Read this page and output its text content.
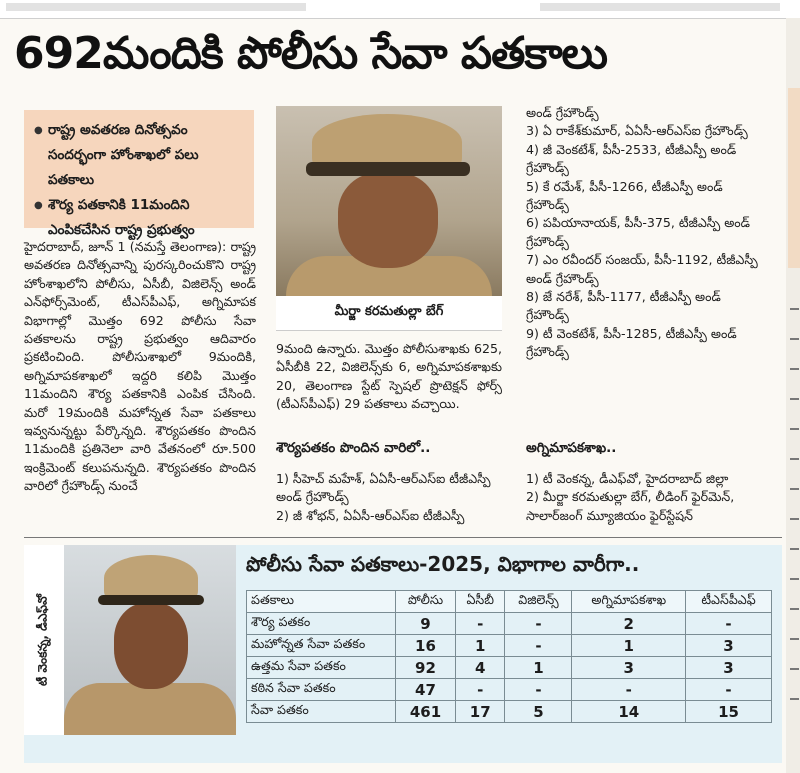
692మందికి పోలీసు సేవా పతకాలు
● రాష్ట్ర అవతరణ దినోత్సవం సందర్భంగా హోంశాఖలో పలు పతకాలు
● శౌర్య పతకానికి 11మందిని ఎంపికచేసిన రాష్ట్ర ప్రభుత్వం

హైదరాబాద్, జూన్ 1 (నమస్తే తెలంగాణ): రాష్ట్ర అవతరణ దినోత్సవాన్ని పురస్కరించుకొని రాష్ట్ర హోంశాఖలోని పోలీసు, ఏసీబీ, విజిలెన్స్ అండ్ ఎన్‌ఫోర్స్‌మెంట్, టీఎస్‌పీఎఫ్, అగ్నిమాపక విభాగాల్లో మొత్తం 692 పోలీసు సేవా పతకాలను రాష్ట్ర ప్రభుత్వం ఆదివారం ప్రకటించింది. పోలీసుశాఖలో 9మందికి, అగ్నిమాపకశాఖలో ఇద్దరి కలిపి మొత్తం 11మందిని శౌర్య పతకానికి ఎంపిక చేసింది. మరో 19మందికి మహోన్నత సేవా పతకాలు ఇవ్వనున్నట్టు పేర్కొన్నది. శౌర్యపతకం పొందిన 11మందికి ప్రతినెలా వారి వేతనంలో రూ.500 ఇంక్రిమెంట్ కలుపనున్నది. శౌర్యపతకం పొందిన వారిలో గ్రేహౌండ్స్ నుంచే

మీర్జా కరమతుల్లా బేగ్

9మంది ఉన్నారు. మొత్తం పోలీసుశాఖకు 625, ఏసీబీకి 22, విజిలెన్స్‌కు 6, అగ్నిమాపకశాఖకు 20, తెలంగాణ స్టేట్ స్పెషల్ ప్రొటెక్షన్ ఫోర్స్ (టీఎస్‌పీఎఫ్) 29 పతకాలు వచ్చాయి.

శౌర్యపతకం పొందిన వారిలో..
1) సీహెచ్ మహేశ్, ఏఏసీ-ఆర్‌ఎస్ఐ టీజీఎస్పీ అండ్ గ్రేహౌండ్స్
2) జీ శోభన్, ఏఏసీ-ఆర్‌ఎస్ఐ టీజీఎస్పీ
అండ్ గ్రేహౌండ్స్
3) ఏ రాకేశ్‌కుమార్, ఏఏసీ-ఆర్‌ఎస్ఐ గ్రేహౌండ్స్
4) జీ వెంకటేశ్, పీసీ-2533, టీజీఎస్పీ అండ్ గ్రేహౌండ్స్
5) కే రమేశ్, పీసీ-1266, టీజీఎస్పీ అండ్ గ్రేహౌండ్స్
6) పపియానాయక్, పీసీ-375, టీజీఎస్పీ అండ్ గ్రేహౌండ్స్
7) ఎం రవీందర్ సంజయ్, పీసీ-1192, టీజీఎస్పీ అండ్ గ్రేహౌండ్స్
8) జే నరేశ్, పీసీ-1177, టీజీఎస్పీ అండ్ గ్రేహౌండ్స్
9) టీ వెంకటేశ్, పీసీ-1285, టీజీఎస్పీ అండ్ గ్రేహౌండ్స్
అగ్నిమాపకశాఖ..
1) టీ వెంకన్న, డీఎఫ్‌వో, హైదరాబాద్ జిల్లా
2) మీర్జా కరమతుల్లా బేగ్, లీడింగ్ ఫైర్‌మెన్, సాలార్‌జంగ్ మ్యూజియం ఫైర్‌స్టేషన్
టీ వెంకన్న, డీఎఫ్‌వో
పోలీసు సేవా పతకాలు-2025, విభాగాల వారీగా..
పతకాలు	పోలీసు	ఏసీబీ	విజిలెన్స్	అగ్నిమాపకశాఖ	టీఎస్‌పీఎఫ్
శౌర్య పతకం	9	-	-	2	-
మహోన్నత సేవా పతకం	16	1	-	1	3
ఉత్తమ సేవా పతకం	92	4	1	3	3
కఠిన సేవా పతకం	47	-	-	-	-
సేవా పతకం	461	17	5	14	15
